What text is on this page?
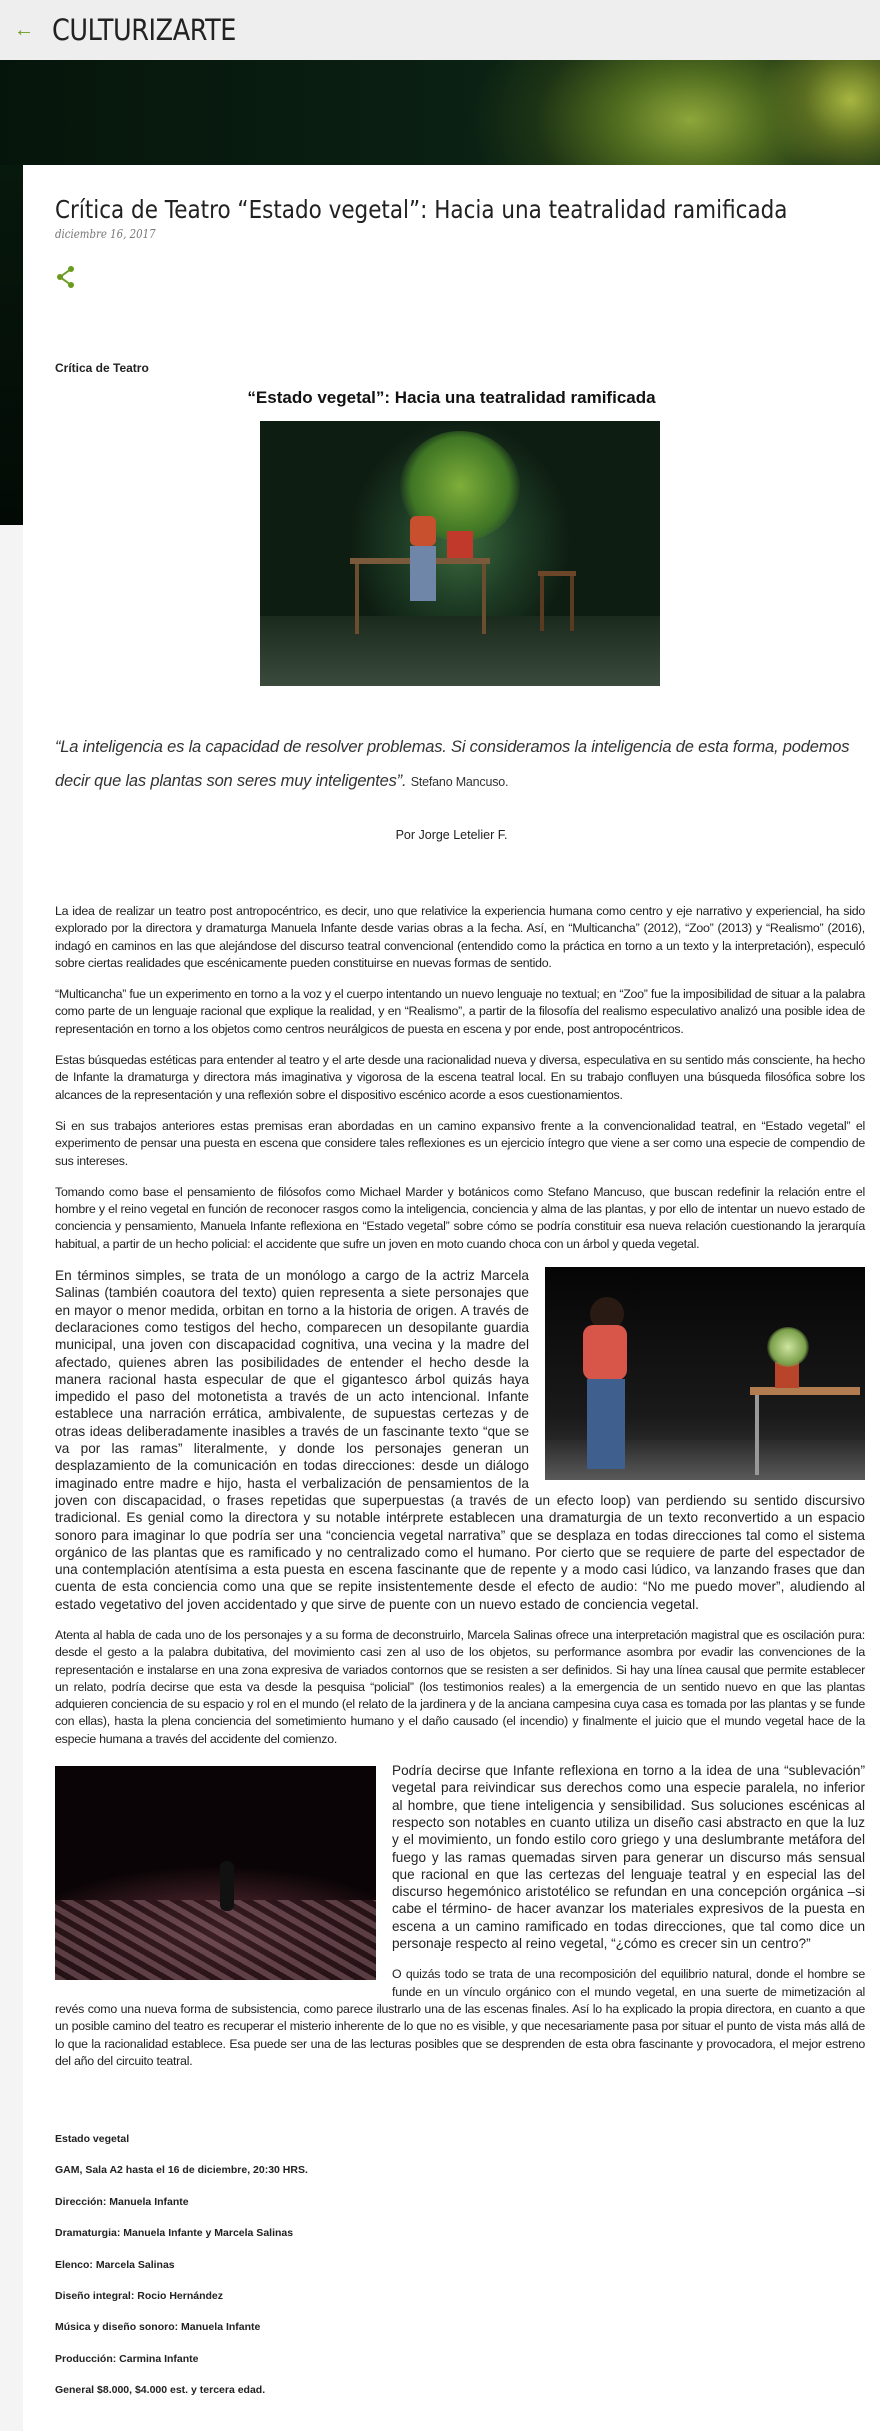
← CULTURIZARTE
Crítica de Teatro “Estado vegetal”: Hacia una teatralidad ramificada
diciembre 16, 2017
Crítica de Teatro
“Estado vegetal”: Hacia una teatralidad ramificada
“La inteligencia es la capacidad de resolver problemas. Si consideramos la inteligencia de esta forma, podemos decir que las plantas son seres muy inteligentes”. Stefano Mancuso.
Por Jorge Letelier F.

La idea de realizar un teatro post antropocéntrico, es decir, uno que relativice la experiencia humana como centro y eje narrativo y experiencial, ha sido explorado por la directora y dramaturga Manuela Infante desde varias obras a la fecha. Así, en “Multicancha” (2012), “Zoo” (2013) y “Realismo” (2016), indagó en caminos en las que alejándose del discurso teatral convencional (entendido como la práctica en torno a un texto y la interpretación), especuló sobre ciertas realidades que escénicamente pueden constituirse en nuevas formas de sentido.

“Multicancha” fue un experimento en torno a la voz y el cuerpo intentando un nuevo lenguaje no textual; en “Zoo” fue la imposibilidad de situar a la palabra como parte de un lenguaje racional que explique la realidad, y en “Realismo”, a partir de la filosofía del realismo especulativo analizó una posible idea de representación en torno a los objetos como centros neurálgicos de puesta en escena y por ende, post antropocéntricos.

Estas búsquedas estéticas para entender al teatro y el arte desde una racionalidad nueva y diversa, especulativa en su sentido más consciente, ha hecho de Infante la dramaturga y directora más imaginativa y vigorosa de la escena teatral local. En su trabajo confluyen una búsqueda filosófica sobre los alcances de la representación y una reflexión sobre el dispositivo escénico acorde a esos cuestionamientos.

Si en sus trabajos anteriores estas premisas eran abordadas en un camino expansivo frente a la convencionalidad teatral, en “Estado vegetal” el experimento de pensar una puesta en escena que considere tales reflexiones es un ejercicio íntegro que viene a ser como una especie de compendio de sus intereses.

Tomando como base el pensamiento de filósofos como Michael Marder y botánicos como Stefano Mancuso, que buscan redefinir la relación entre el hombre y el reino vegetal en función de reconocer rasgos como la inteligencia, conciencia y alma de las plantas, y por ello de intentar un nuevo estado de conciencia y pensamiento, Manuela Infante reflexiona en “Estado vegetal” sobre cómo se podría constituir esa nueva relación cuestionando la jerarquía habitual, a partir de un hecho policial: el accidente que sufre un joven en moto cuando choca con un árbol y queda vegetal.

En términos simples, se trata de un monólogo a cargo de la actriz Marcela Salinas (también coautora del texto) quien representa a siete personajes que en mayor o menor medida, orbitan en torno a la historia de origen. A través de declaraciones como testigos del hecho, comparecen un desopilante guardia municipal, una joven con discapacidad cognitiva, una vecina y la madre del afectado, quienes abren las posibilidades de entender el hecho desde la manera racional hasta especular de que el gigantesco árbol quizás haya impedido el paso del motonetista a través de un acto intencional. Infante establece una narración errática, ambivalente, de supuestas certezas y de otras ideas deliberadamente inasibles a través de un fascinante texto “que se va por las ramas” literalmente, y donde los personajes generan un desplazamiento de la comunicación en todas direcciones: desde un diálogo imaginado entre madre e hijo, hasta el verbalización de pensamientos de la joven con discapacidad, o frases repetidas que superpuestas (a través de un efecto loop) van perdiendo su sentido discursivo tradicional. Es genial como la directora y su notable intérprete establecen una dramaturgia de un texto reconvertido a un espacio sonoro para imaginar lo que podría ser una “conciencia vegetal narrativa” que se desplaza en todas direcciones tal como el sistema orgánico de las plantas que es ramificado y no centralizado como el humano. Por cierto que se requiere de parte del espectador de una contemplación atentísima a esta puesta en escena fascinante que de repente y a modo casi lúdico, va lanzando frases que dan cuenta de esta conciencia como una que se repite insistentemente desde el efecto de audio: “No me puedo mover”, aludiendo al estado vegetativo del joven accidentado y que sirve de puente con un nuevo estado de conciencia vegetal.

Atenta al habla de cada uno de los personajes y a su forma de deconstruirlo, Marcela Salinas ofrece una interpretación magistral que es oscilación pura: desde el gesto a la palabra dubitativa, del movimiento casi zen al uso de los objetos, su performance asombra por evadir las convenciones de la representación e instalarse en una zona expresiva de variados contornos que se resisten a ser definidos. Si hay una línea causal que permite establecer un relato, podría decirse que esta va desde la pesquisa “policial” (los testimonios reales) a la emergencia de un sentido nuevo en que las plantas adquieren conciencia de su espacio y rol en el mundo (el relato de la jardinera y de la anciana campesina cuya casa es tomada por las plantas y se funde con ellas), hasta la plena conciencia del sometimiento humano y el daño causado (el incendio) y finalmente el juicio que el mundo vegetal hace de la especie humana a través del accidente del comienzo.

Podría decirse que Infante reflexiona en torno a la idea de una “sublevación” vegetal para reivindicar sus derechos como una especie paralela, no inferior al hombre, que tiene inteligencia y sensibilidad. Sus soluciones escénicas al respecto son notables en cuanto utiliza un diseño casi abstracto en que la luz y el movimiento, un fondo estilo coro griego y una deslumbrante metáfora del fuego y las ramas quemadas sirven para generar un discurso más sensual que racional en que las certezas del lenguaje teatral y en especial las del discurso hegemónico aristotélico se refundan en una concepción orgánica –si cabe el término- de hacer avanzar los materiales expresivos de la puesta en escena a un camino ramificado en todas direcciones, que tal como dice un personaje respecto al reino vegetal, “¿cómo es crecer sin un centro?”

O quizás todo se trata de una recomposición del equilibrio natural, donde el hombre se funde en un vínculo orgánico con el mundo vegetal, en una suerte de mimetización al revés como una nueva forma de subsistencia, como parece ilustrarlo una de las escenas finales. Así lo ha explicado la propia directora, en cuanto a que un posible camino del teatro es recuperar el misterio inherente de lo que no es visible, y que necesariamente pasa por situar el punto de vista más allá de lo que la racionalidad establece. Esa puede ser una de las lecturas posibles que se desprenden de esta obra fascinante y provocadora, el mejor estreno del año del circuito teatral.

Estado vegetal
GAM, Sala A2 hasta el 16 de diciembre, 20:30 HRS.
Dirección: Manuela Infante
Dramaturgia: Manuela Infante y Marcela Salinas
Elenco: Marcela Salinas
Diseño integral: Rocio Hernández
Música y diseño sonoro: Manuela Infante
Producción: Carmina Infante
General $8.000, $4.000 est. y tercera edad.
